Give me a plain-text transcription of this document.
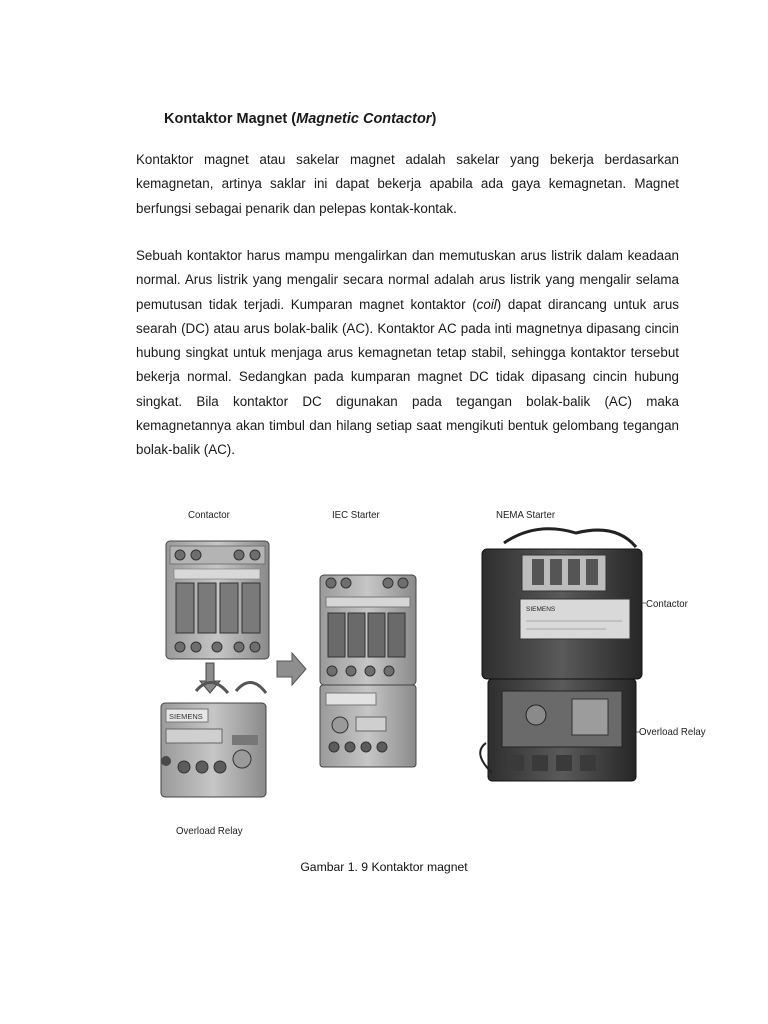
Kontaktor Magnet (Magnetic Contactor)

Kontaktor magnet atau sakelar magnet adalah sakelar yang bekerja berdasarkan kemagnetan, artinya saklar ini dapat bekerja apabila ada gaya kemagnetan. Magnet berfungsi sebagai penarik dan pelepas kontak-kontak.

Sebuah kontaktor harus mampu mengalirkan dan memutuskan arus listrik dalam keadaan normal. Arus listrik yang mengalir secara normal adalah arus listrik yang mengalir selama pemutusan tidak terjadi. Kumparan magnet kontaktor (coil) dapat dirancang untuk arus searah (DC) atau arus bolak-balik (AC). Kontaktor AC pada inti magnetnya dipasang cincin hubung singkat untuk menjaga arus kemagnetan tetap stabil, sehingga kontaktor tersebut bekerja normal. Sedangkan pada kumparan magnet DC tidak dipasang cincin hubung singkat. Bila kontaktor DC digunakan pada tegangan bolak-balik (AC) maka kemagnetannya akan timbul dan hilang setiap saat mengikuti bentuk gelombang tegangan bolak-balik (AC).

SIEMENS
SIEMENS
Contactor	IEC Starter	NEMA Starter
Contactor
Overload Relay
Overload Relay
Gambar 1. 9 Kontaktor magnet
